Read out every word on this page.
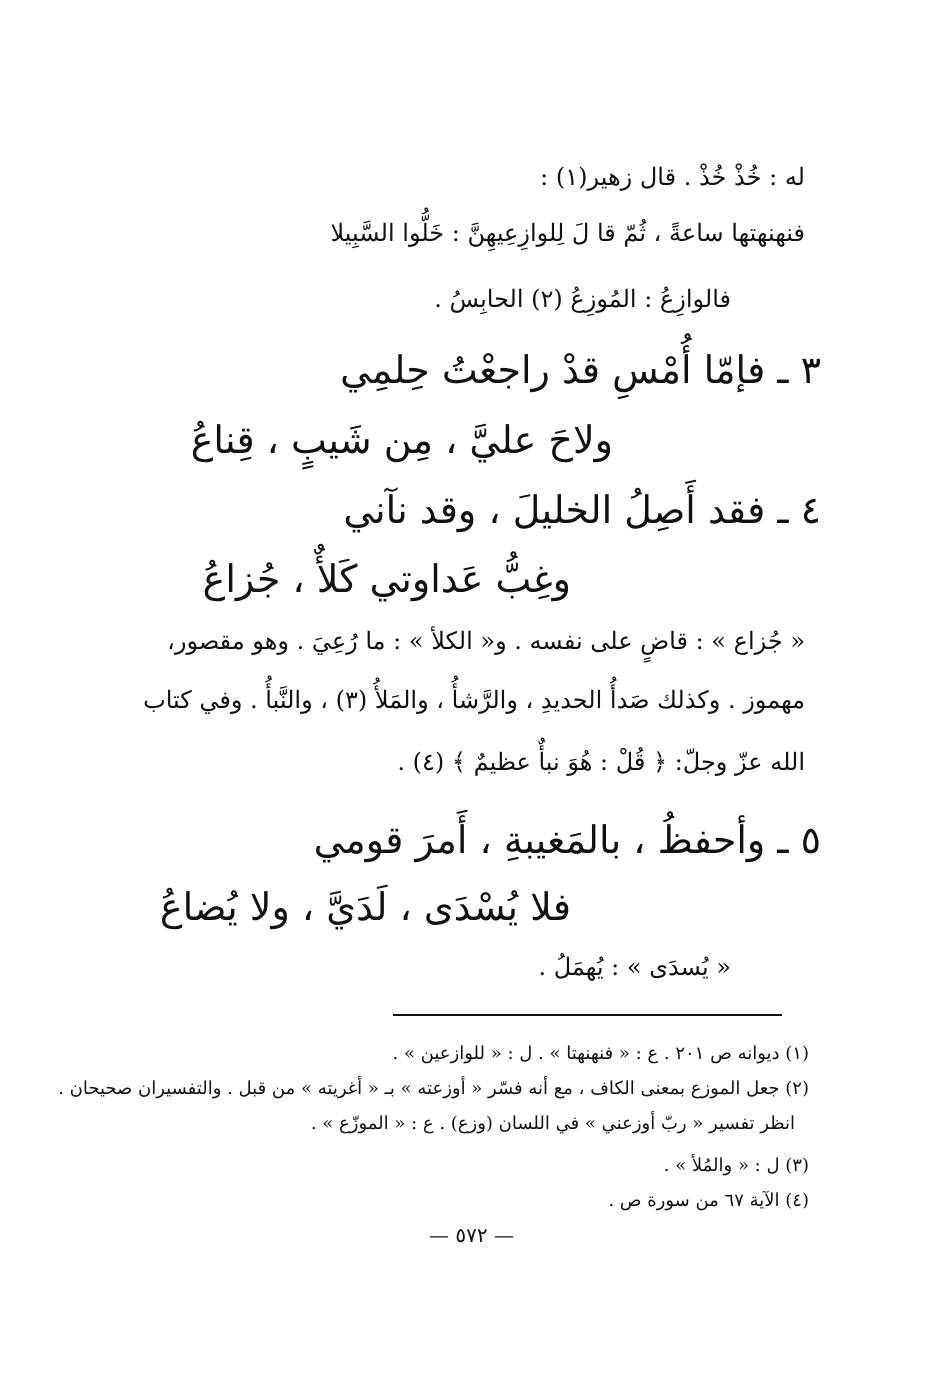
له : خُذْ خُذْ . قال زهير(١) :
فنهنهتها ساعةً ، ثُمّ قا لَ لِلوازِعِيهِنَّ : خَلُّوا السَّبِيلا
فالوازِعُ : المُوزِعُ (٢) الحابِسُ .
٣ ـ فإمّا أُمْسِ قدْ راجعْتُ حِلمِي
ولاحَ عليَّ ، مِن شَيبٍ ، قِناعُ
٤ ـ فقد أَصِلُ الخليلَ ، وقد نآني
وغِبُّ عَداوتي كَلأٌ ، جُزاعُ
« جُزاع » : قاضٍ على نفسه . و« الكلأ » : ما رُعِيَ . وهو مقصور،
مهموز . وكذلك صَدأُ الحديدِ ، والرَّشأُ ، والمَلأُ (٣) ، والنَّبأُ . وفي كتاب
الله عزّ وجلّ: ﴿ قُلْ : هُوَ نبأٌ عظيمٌ ﴾ (٤) .
٥ ـ وأحفظُ ، بالمَغيبةِ ، أَمرَ قومي
فلا يُسْدَى ، لَدَيَّ ، ولا يُضاعُ
« يُسدَى » : يُهمَلُ .
(١) ديوانه ص ٢٠١ . ع : « فنهنهتا » . ل : « للوازعين » .
(٢) جعل الموزع بمعنى الكاف ، مع أنه فسّر « أوزعته » بـ « أغريته » من قبل . والتفسيران صحيحان .
انظر تفسير « ربّ أوزعني » في اللسان (وزع) . ع : « الموزّع » .
(٣) ل : « والمُلأ » .
(٤) الآية ٦٧ من سورة ص .
— ٥٧٢ —
